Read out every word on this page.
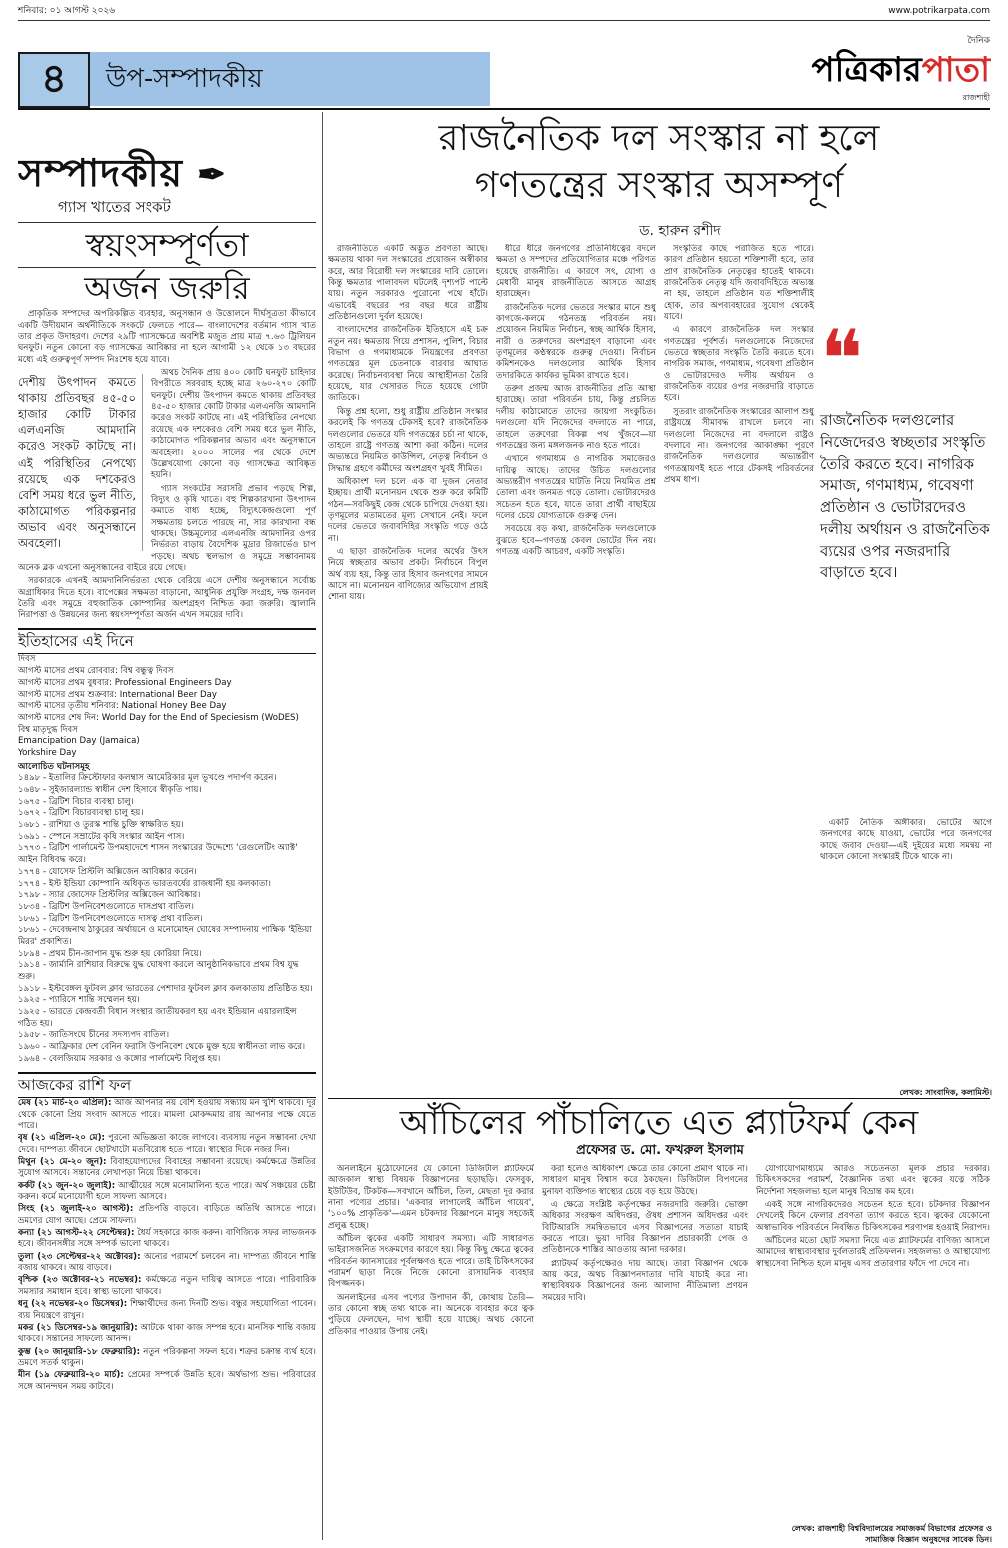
শনিবার: ০১ আগস্ট ২০২৬	www.potrikarpata.com
৪	উপ-সম্পাদকীয়
দৈনিক
পত্রিকারপাতা
রাজশাহী
সম্পাদকীয় ✒
গ্যাস খাতের সংকট
স্বয়ংসম্পূর্ণতা
অর্জন জরুরি

প্রাকৃতিক সম্পদের অপরিকল্পিত ব্যবহার, অনুসন্ধান ও উত্তোলনে দীর্ঘসূত্রতা কীভাবে একটি উদীয়মান অর্থনীতিকে সংকটে ফেলতে পারে— বাংলাদেশের বর্তমান গ্যাস খাত তার প্রকৃত উদাহরণ। দেশের ২৯টি গ্যাসক্ষেত্রে অবশিষ্ট মজুত প্রায় মাত্র ৭.৬৩ ট্রিলিয়ন ঘনফুট। নতুন কোনো বড় গ্যাসক্ষেত্র আবিষ্কার না হলে আগামী ১২ থেকে ১৩ বছরের মধ্যে এই গুরুত্বপূর্ণ সম্পদ নিঃশেষ হয়ে যাবে।

দেশীয় উৎপাদন কমতে থাকায় প্রতিবছর ৪৫-৫০ হাজার কোটি টাকার এলএনজি আমদানি করেও সংকট কাটছে না। এই পরিস্থিতির নেপথ্যে রয়েছে এক দশকেরও বেশি সময় ধরে ভুল নীতি, কাঠামোগত পরিকল্পনার অভাব এবং অনুসন্ধানে অবহেলা।

অথচ দৈনিক প্রায় ৪০০ কোটি ঘনফুট চাহিদার বিপরীতে সরবরাহ হচ্ছে মাত্র ২৬০-২৭০ কোটি ঘনফুট। দেশীয় উৎপাদন কমতে থাকায় প্রতিবছর ৪৫-৫০ হাজার কোটি টাকার এলএনজি আমদানি করেও সংকট কাটছে না। এই পরিস্থিতির নেপথ্যে রয়েছে এক দশকেরও বেশি সময় ধরে ভুল নীতি, কাঠামোগত পরিকল্পনার অভাব এবং অনুসন্ধানে অবহেলা। ২০০০ সালের পর থেকে দেশে উল্লেখযোগ্য কোনো বড় গ্যাসক্ষেত্র আবিষ্কৃত হয়নি।

গ্যাস সংকটের সরাসরি প্রভাব পড়ছে শিল্প, বিদ্যুৎ ও কৃষি খাতে। বহু শিল্পকারখানা উৎপাদন কমাতে বাধ্য হচ্ছে, বিদ্যুৎকেন্দ্রগুলো পূর্ণ সক্ষমতায় চলতে পারছে না, সার কারখানা বন্ধ থাকছে। উচ্চমূল্যের এলএনজি আমদানির ওপর নির্ভরতা বাড়ায় বৈদেশিক মুদ্রার রিজার্ভেও চাপ পড়ছে। অথচ স্থলভাগ ও সমুদ্রে সম্ভাবনাময় অনেক ব্লক এখনো অনুসন্ধানের বাইরে রয়ে গেছে।

সরকারকে এখনই আমদানিনির্ভরতা থেকে বেরিয়ে এসে দেশীয় অনুসন্ধানে সর্বোচ্চ অগ্রাধিকার দিতে হবে। বাপেক্সের সক্ষমতা বাড়ানো, আধুনিক প্রযুক্তি সংগ্রহ, দক্ষ জনবল তৈরি এবং সমুদ্রে বহুজাতিক কোম্পানির অংশগ্রহণ নিশ্চিত করা জরুরি। জ্বালানি নিরাপত্তা ও উন্নয়নের জন্য স্বয়ংসম্পূর্ণতা অর্জন এখন সময়ের দাবি।

ইতিহাসের এই দিনে
দিবস
আগস্ট মাসের প্রথম রোববার: বিশ্ব বন্ধুত্ব দিবস
আগস্ট মাসের প্রথম বুধবার: Professional Engineers Day
আগস্ট মাসের প্রথম শুক্রবার: International Beer Day
আগস্ট মাসের তৃতীয় শনিবার: National Honey Bee Day
আগস্ট মাসের শেষ দিন: World Day for the End of Speciesism (WoDES)
বিশ্ব মাতৃদুগ্ধ দিবস
Emancipation Day (Jamaica)
Yorkshire Day
আলোচিত ঘটনাসমূহ
১৪৯৮ - ইতালির ক্রিস্টোফার কলম্বাস আমেরিকার মূল ভূখণ্ডে পদার্পণ করেন।
১৬৪৮ - সুইজারল্যান্ড স্বাধীন দেশ হিসাবে স্বীকৃতি পায়।
১৬৭৫ - ব্রিটিশ বিচার ব্যবস্থা চালু।
১৬৭২ - ব্রিটিশ বিচারব্যবস্থা চালু হয়।
১৬৮১ - রাশিয়া ও তুরস্ক শান্তি চুক্তি স্বাক্ষরিত হয়।
১৬৯১ - স্পেনে সম্রাটের কৃষি সংস্কার আইন পাস।
১৭৭৩ - ব্রিটিশ পার্লামেন্ট উপমহাদেশে শাসন সংস্কারের উদ্দেশ্যে 'রেগুলেটিং অ্যাক্ট' আইন বিধিবদ্ধ করে।
১৭৭৪ - যোসেফ প্রিস্টলি অক্সিজেন আবিষ্কার করেন।
১৭৭৪ - ইস্ট ইন্ডিয়া কোম্পানি অধিকৃত ভারতবর্ষের রাজধানী হয় কলকাতা।
১৭৯৮ - স্যার জোসেফ প্রিস্টলির অক্সিজেন আবিষ্কার।
১৮৩৪ - ব্রিটিশ উপনিবেশগুলোতে দাসপ্রথা বাতিল।
১৮৬১ - ব্রিটিশ উপনিবেশগুলোতে দাসত্ব প্রথা বাতিল।
১৮৬১ - দেবেন্দ্রনাথ ঠাকুরের অর্থায়নে ও মনোমোহন ঘোষের সম্পাদনায় পাক্ষিক 'ইন্ডিয়া মিরর' প্রকাশিত।
১৮৯৪ - প্রথম চীন-জাপান যুদ্ধ শুরু হয় কোরিয়া নিয়ে।
১৯১৪ - জার্মানি রাশিয়ার বিরুদ্ধে যুদ্ধ ঘোষণা করলে আনুষ্ঠানিকভাবে প্রথম বিশ্ব যুদ্ধ শুরু।
১৯১৮ - ইস্টবেঙ্গল ফুটবল ক্লাব ভারতের পেশাদার ফুটবল ক্লাব কলকাতায় প্রতিষ্ঠিত হয়।
১৯২৫ - প্যারিসে শান্তি সম্মেলন হয়।
১৯২৫ - ভারতে কেন্দ্রবর্তী বিধান সংস্থার জাতীয়করণ হয় এবং ইন্ডিয়ান এয়ারলাইন্স গঠিত হয়।
১৯৫৮ - জাতিসংঘে চীনের সদস্যপদ বাতিল।
১৯৬০ - আফ্রিকার দেশ বেনিন ফরাসি উপনিবেশ থেকে মুক্ত হয়ে স্বাধীনতা লাভ করে।
১৯৬৪ - বেলজিয়াম সরকার ও কঙ্গোর পার্লামেন্ট বিলুপ্ত হয়।
আজকের রাশি ফল

মেষ (২১ মার্চ-২০ এপ্রিল): আজ আপনার নয় বেশি হওয়ায় সন্ধ্যায় মন খুশি থাকবে। দূর থেকে কোনো প্রিয় সংবাদ আসতে পারে। মামলা মোকদ্দমায় রায় আপনার পক্ষে যেতে পারে।

বৃষ (২১ এপ্রিল-২০ মে): পুরনো অভিজ্ঞতা কাজে লাগবে। ব্যবসায় নতুন সম্ভাবনা দেখা দেবে। দাম্পত্য জীবনে ছোটখাটো মতবিরোধ হতে পারে। স্বাস্থ্যের দিকে নজর দিন।

মিথুন (২১ মে-২০ জুন): বিবাহযোগ্যদের বিবাহের সম্ভাবনা রয়েছে। কর্মক্ষেত্রে উন্নতির সুযোগ আসবে। সন্তানের লেখাপড়া নিয়ে চিন্তা থাকবে।

কর্কট (২১ জুন-২০ জুলাই): আত্মীয়ের সঙ্গে মনোমালিন্য হতে পারে। অর্থ সঞ্চয়ের চেষ্টা করুন। কর্মে মনোযোগী হলে সাফল্য আসবে।

সিংহ (২১ জুলাই-২০ আগস্ট): প্রতিপত্তি বাড়বে। বাড়িতে অতিথি আসতে পারে। ভ্রমণের যোগ আছে। প্রেমে সাফল্য।

কন্যা (২১ আগস্ট-২২ সেপ্টেম্বর): ধৈর্য সহকারে কাজ করুন। বাণিজ্যিক সফর লাভজনক হবে। জীবনসঙ্গীর সঙ্গে সম্পর্ক ভালো থাকবে।

তুলা (২৩ সেপ্টেম্বর-২২ অক্টোবর): অন্যের পরামর্শে চলবেন না। দাম্পত্য জীবনে শান্তি বজায় থাকবে। আয় বাড়বে।

বৃশ্চিক (২৩ অক্টোবর-২১ নভেম্বর): কর্মক্ষেত্রে নতুন দায়িত্ব আসতে পারে। পারিবারিক সমস্যার সমাধান হবে। স্বাস্থ্য ভালো থাকবে।

ধনু (২২ নভেম্বর-২০ ডিসেম্বর): শিক্ষার্থীদের জন্য দিনটি শুভ। বন্ধুর সহযোগিতা পাবেন। ব্যয় নিয়ন্ত্রণে রাখুন।

মকর (২১ ডিসেম্বর-১৯ জানুয়ারি): আটকে থাকা কাজ সম্পন্ন হবে। মানসিক শান্তি বজায় থাকবে। সন্তানের সাফল্যে আনন্দ।

কুম্ভ (২০ জানুয়ারি-১৮ ফেব্রুয়ারি): নতুন পরিকল্পনা সফল হবে। শত্রুর চক্রান্ত ব্যর্থ হবে। ভ্রমণে সতর্ক থাকুন।

মীন (১৯ ফেব্রুয়ারি-২০ মার্চ): প্রেমের সম্পর্কে উন্নতি হবে। অর্থভাগ্য শুভ। পরিবারের সঙ্গে আনন্দঘন সময় কাটবে।

রাজনৈতিক দল সংস্কার না হলে
গণতন্ত্রের সংস্কার অসম্পূর্ণ
ড. হারুন রশীদ

রাজনীতিতে একটি অদ্ভুত প্রবণতা আছে। ক্ষমতায় থাকা দল সংস্কারের প্রয়োজন অস্বীকার করে, আর বিরোধী দল সংস্কারের দাবি তোলে। কিন্তু ক্ষমতার পালাবদল ঘটলেই দৃশ্যপট পাল্টে যায়। নতুন সরকারও পুরোনো পথে হাঁটে। এভাবেই বছরের পর বছর ধরে রাষ্ট্রীয় প্রতিষ্ঠানগুলো দুর্বল হয়েছে।

বাংলাদেশের রাজনৈতিক ইতিহাসে এই চক্র নতুন নয়। ক্ষমতায় গিয়ে প্রশাসন, পুলিশ, বিচার বিভাগ ও গণমাধ্যমকে নিয়ন্ত্রণের প্রবণতা গণতন্ত্রের মূল চেতনাকে বারবার আঘাত করেছে। নির্বাচনব্যবস্থা নিয়ে আস্থাহীনতা তৈরি হয়েছে, যার খেসারত দিতে হয়েছে গোটা জাতিকে।

কিন্তু প্রশ্ন হলো, শুধু রাষ্ট্রীয় প্রতিষ্ঠান সংস্কার করলেই কি গণতন্ত্র টেকসই হবে? রাজনৈতিক দলগুলোর ভেতরে যদি গণতন্ত্রের চর্চা না থাকে, তাহলে রাষ্ট্রে গণতন্ত্র আশা করা কঠিন। দলের অভ্যন্তরে নিয়মিত কাউন্সিল, নেতৃত্ব নির্বাচন ও সিদ্ধান্ত গ্রহণে কর্মীদের অংশগ্রহণ খুবই সীমিত।

অধিকাংশ দল চলে এক বা দুজন নেতার ইচ্ছায়। প্রার্থী মনোনয়ন থেকে শুরু করে কমিটি গঠন—সবকিছুই কেন্দ্র থেকে চাপিয়ে দেওয়া হয়। তৃণমূলের মতামতের মূল্য সেখানে নেই। ফলে দলের ভেতরে জবাবদিহির সংস্কৃতি গড়ে ওঠে না।

এ ছাড়া রাজনৈতিক দলের অর্থের উৎস নিয়ে স্বচ্ছতার অভাব প্রকট। নির্বাচনে বিপুল অর্থ ব্যয় হয়, কিন্তু তার হিসাব জনগণের সামনে আসে না। মনোনয়ন বাণিজ্যের অভিযোগ প্রায়ই শোনা যায়।

ধীরে ধীরে জনগণের প্রতিনিধিত্বের বদলে ক্ষমতা ও সম্পদের প্রতিযোগিতার মঞ্চে পরিণত হয়েছে রাজনীতি। এ কারণে সৎ, যোগ্য ও মেধাবী মানুষ রাজনীতিতে আসতে আগ্রহ হারাচ্ছেন।

রাজনৈতিক দলের ভেতরে সংস্কার মানে শুধু কাগজে-কলমে গঠনতন্ত্র পরিবর্তন নয়। প্রয়োজন নিয়মিত নির্বাচন, স্বচ্ছ আর্থিক হিসাব, নারী ও তরুণদের অংশগ্রহণ বাড়ানো এবং তৃণমূলের কণ্ঠস্বরকে গুরুত্ব দেওয়া। নির্বাচন কমিশনকেও দলগুলোর আর্থিক হিসাব তদারকিতে কার্যকর ভূমিকা রাখতে হবে।

তরুণ প্রজন্ম আজ রাজনীতির প্রতি আস্থা হারাচ্ছে। তারা পরিবর্তন চায়, কিন্তু প্রচলিত দলীয় কাঠামোতে তাদের জায়গা সংকুচিত। দলগুলো যদি নিজেদের বদলাতে না পারে, তাহলে তরুণেরা বিকল্প পথ খুঁজবে—যা গণতন্ত্রের জন্য মঙ্গলজনক নাও হতে পারে।

এখানে গণমাধ্যম ও নাগরিক সমাজেরও দায়িত্ব আছে। তাদের উচিত দলগুলোর অভ্যন্তরীণ গণতন্ত্রের ঘাটতি নিয়ে নিয়মিত প্রশ্ন তোলা এবং জনমত গড়ে তোলা। ভোটারদেরও সচেতন হতে হবে, যাতে তারা প্রার্থী বাছাইয়ে দলের চেয়ে যোগ্যতাকে গুরুত্ব দেন।

সবচেয়ে বড় কথা, রাজনৈতিক দলগুলোকে বুঝতে হবে—গণতন্ত্র কেবল ভোটের দিন নয়। গণতন্ত্র একটি আচরণ, একটি সংস্কৃতি।

সংস্কৃতির কাছে পরাজিত হতে পারে। কারণ প্রতিষ্ঠান হয়তো শক্তিশালী হবে, তার প্রাণ রাজনৈতিক নেতৃত্বের হাতেই থাকবে। রাজনৈতিক নেতৃত্ব যদি জবাবদিহিতে অভ্যস্ত না হয়, তাহলে প্রতিষ্ঠান যত শক্তিশালীই হোক, তার অপব্যবহারের সুযোগ থেকেই যাবে।

এ কারণে রাজনৈতিক দল সংস্কার গণতন্ত্রের পূর্বশর্ত। দলগুলোকে নিজেদের ভেতরে স্বচ্ছতার সংস্কৃতি তৈরি করতে হবে। নাগরিক সমাজ, গণমাধ্যম, গবেষণা প্রতিষ্ঠান ও ভোটারদেরও দলীয় অর্থায়ন ও রাজনৈতিক ব্যয়ের ওপর নজরদারি বাড়াতে হবে।

সুতরাং রাজনৈতিক সংস্কারের আলাপ শুধু রাষ্ট্রযন্ত্রে সীমাবদ্ধ রাখলে চলবে না। দলগুলো নিজেদের না বদলালে রাষ্ট্রও বদলাবে না। জনগণের আকাঙ্ক্ষা পূরণে রাজনৈতিক দলগুলোর অভ্যন্তরীণ গণতন্ত্রায়ণই হতে পারে টেকসই পরিবর্তনের প্রথম ধাপ।

❝
রাজনৈতিক দলগুলোর নিজেদেরও স্বচ্ছতার সংস্কৃতি তৈরি করতে হবে। নাগরিক সমাজ, গণমাধ্যম, গবেষণা প্রতিষ্ঠান ও ভোটারদেরও দলীয় অর্থায়ন ও রাজনৈতিক ব্যয়ের ওপর নজরদারি বাড়াতে হবে।

একটি নৈতিক অঙ্গীকার। ভোটের আগে জনগণের কাছে যাওয়া, ভোটের পরে জনগণের কাছে জবাব দেওয়া—এই দুইয়ের মধ্যে সমন্বয় না থাকলে কোনো সংস্কারই টিকে থাকে না।

লেখক: সাংবাদিক, কলামিস্ট।
আঁচিলের পাঁচালিতে এত প্ল্যাটফর্ম কেন
প্রফেসর ড. মো. ফখরুল ইসলাম

অনলাইনে মুঠোফোনের যে কোনো ডিজিটাল প্ল্যাটফর্মে আজকাল স্বাস্থ্য বিষয়ক বিজ্ঞাপনের ছড়াছড়ি। ফেসবুক, ইউটিউব, টিকটক—সবখানে আঁচিল, তিল, মেছতা দূর করার নানা পণ্যের প্রচার। 'একবার লাগালেই আঁচিল গায়েব', '১০০% প্রাকৃতিক'—এমন চটকদার বিজ্ঞাপনে মানুষ সহজেই প্রলুব্ধ হচ্ছে।

আঁচিল ত্বকের একটি সাধারণ সমস্যা। এটি সাধারণত ভাইরাসজনিত সংক্রমণের কারণে হয়। কিন্তু কিছু ক্ষেত্রে ত্বকের পরিবর্তন ক্যানসারের পূর্বলক্ষণও হতে পারে। তাই চিকিৎসকের পরামর্শ ছাড়া নিজে নিজে কোনো রাসায়নিক ব্যবহার বিপজ্জনক।

অনলাইনের এসব পণ্যের উপাদান কী, কোথায় তৈরি—তার কোনো স্বচ্ছ তথ্য থাকে না। অনেকে ব্যবহার করে ত্বক পুড়িয়ে ফেলছেন, দাগ স্থায়ী হয়ে যাচ্ছে। অথচ কোনো প্রতিকার পাওয়ার উপায় নেই।

করা হলেও অধিকাংশ ক্ষেত্রে তার কোনো প্রমাণ থাকে না। সাধারণ মানুষ বিশ্বাস করে ঠকছেন। ডিজিটাল বিপণনের মুনাফা ব্যক্তিগত স্বাস্থ্যের চেয়ে বড় হয়ে উঠছে।

এ ক্ষেত্রে সংশ্লিষ্ট কর্তৃপক্ষের নজরদারি জরুরি। ভোক্তা অধিকার সংরক্ষণ অধিদপ্তর, ঔষধ প্রশাসন অধিদপ্তর এবং বিটিআরসি সমন্বিতভাবে এসব বিজ্ঞাপনের সত্যতা যাচাই করতে পারে। ভুয়া দাবির বিজ্ঞাপন প্রচারকারী পেজ ও প্রতিষ্ঠানকে শাস্তির আওতায় আনা দরকার।

প্ল্যাটফর্ম কর্তৃপক্ষেরও দায় আছে। তারা বিজ্ঞাপন থেকে আয় করে, অথচ বিজ্ঞাপনদাতার দাবি যাচাই করে না। স্বাস্থ্যবিষয়ক বিজ্ঞাপনের জন্য আলাদা নীতিমালা প্রণয়ন সময়ের দাবি।

যোগাযোগমাধ্যমে আরও সচেতনতা মূলক প্রচার দরকার। চিকিৎসকদের পরামর্শ, বৈজ্ঞানিক তথ্য এবং ত্বকের যত্নে সঠিক নির্দেশনা সহজলভ্য হলে মানুষ বিভ্রান্ত কম হবে।

একই সঙ্গে নাগরিকদেরও সচেতন হতে হবে। চটকদার বিজ্ঞাপন দেখলেই কিনে ফেলার প্রবণতা ত্যাগ করতে হবে। ত্বকের যেকোনো অস্বাভাবিক পরিবর্তনে নিবন্ধিত চিকিৎসকের শরণাপন্ন হওয়াই নিরাপদ।

আঁচিলের মতো ছোট সমস্যা নিয়ে এত প্ল্যাটফর্মের বাণিজ্য আসলে আমাদের স্বাস্থ্যব্যবস্থার দুর্বলতারই প্রতিফলন। সহজলভ্য ও আস্থাযোগ্য স্বাস্থ্যসেবা নিশ্চিত হলে মানুষ এসব প্রতারণার ফাঁদে পা দেবে না।

লেখক: রাজশাহী বিশ্ববিদ্যালয়ের সমাজকর্ম বিভাগের প্রফেসর ও সামাজিক বিজ্ঞান অনুষদের সাবেক ডিন।
